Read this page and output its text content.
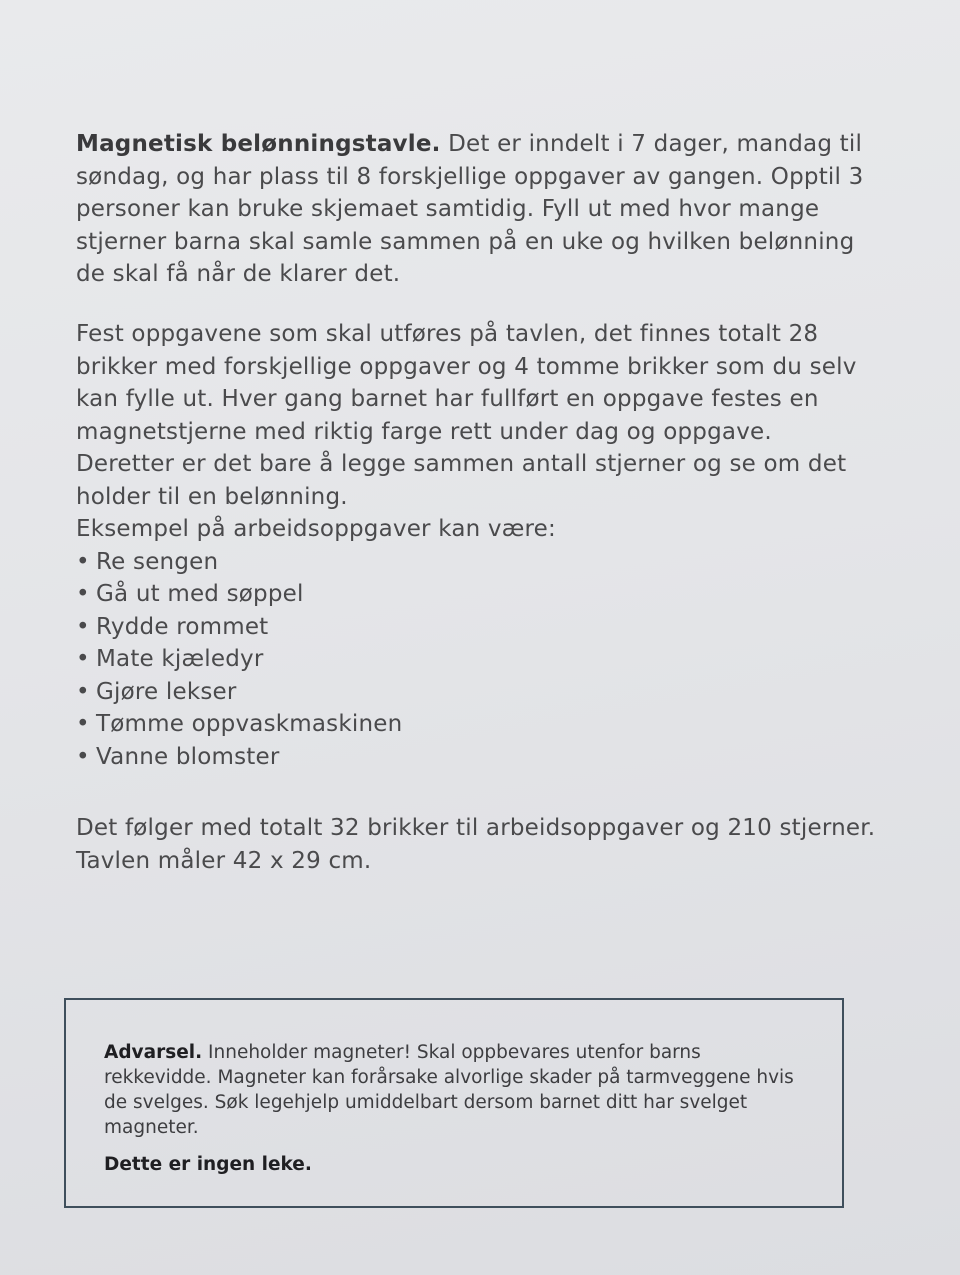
Magnetisk belønningstavle. Det er inndelt i 7 dager, mandag til søndag, og har plass til 8 forskjellige oppgaver av gangen. Opptil 3 personer kan bruke skjemaet samtidig. Fyll ut med hvor mange stjerner barna skal samle sammen på en uke og hvilken belønning de skal få når de klarer det.

Fest oppgavene som skal utføres på tavlen, det finnes totalt 28 brikker med forskjellige oppgaver og 4 tomme brikker som du selv kan fylle ut. Hver gang barnet har fullført en oppgave festes en magnetstjerne med riktig farge rett under dag og oppgave. Deretter er det bare å legge sammen antall stjerner og se om det holder til en belønning.

Eksempel på arbeidsoppgaver kan være:

• Re sengen
• Gå ut med søppel
• Rydde rommet
• Mate kjæledyr
• Gjøre lekser
• Tømme oppvaskmaskinen
• Vanne blomster

Det følger med totalt 32 brikker til arbeidsoppgaver og 210 stjerner. Tavlen måler 42 x 29 cm.

Advarsel. Inneholder magneter! Skal oppbevares utenfor barns rekkevidde. Magneter kan forårsake alvorlige skader på tarmveggene hvis de svelges. Søk legehjelp umiddelbart dersom barnet ditt har svelget magneter.

Dette er ingen leke.
